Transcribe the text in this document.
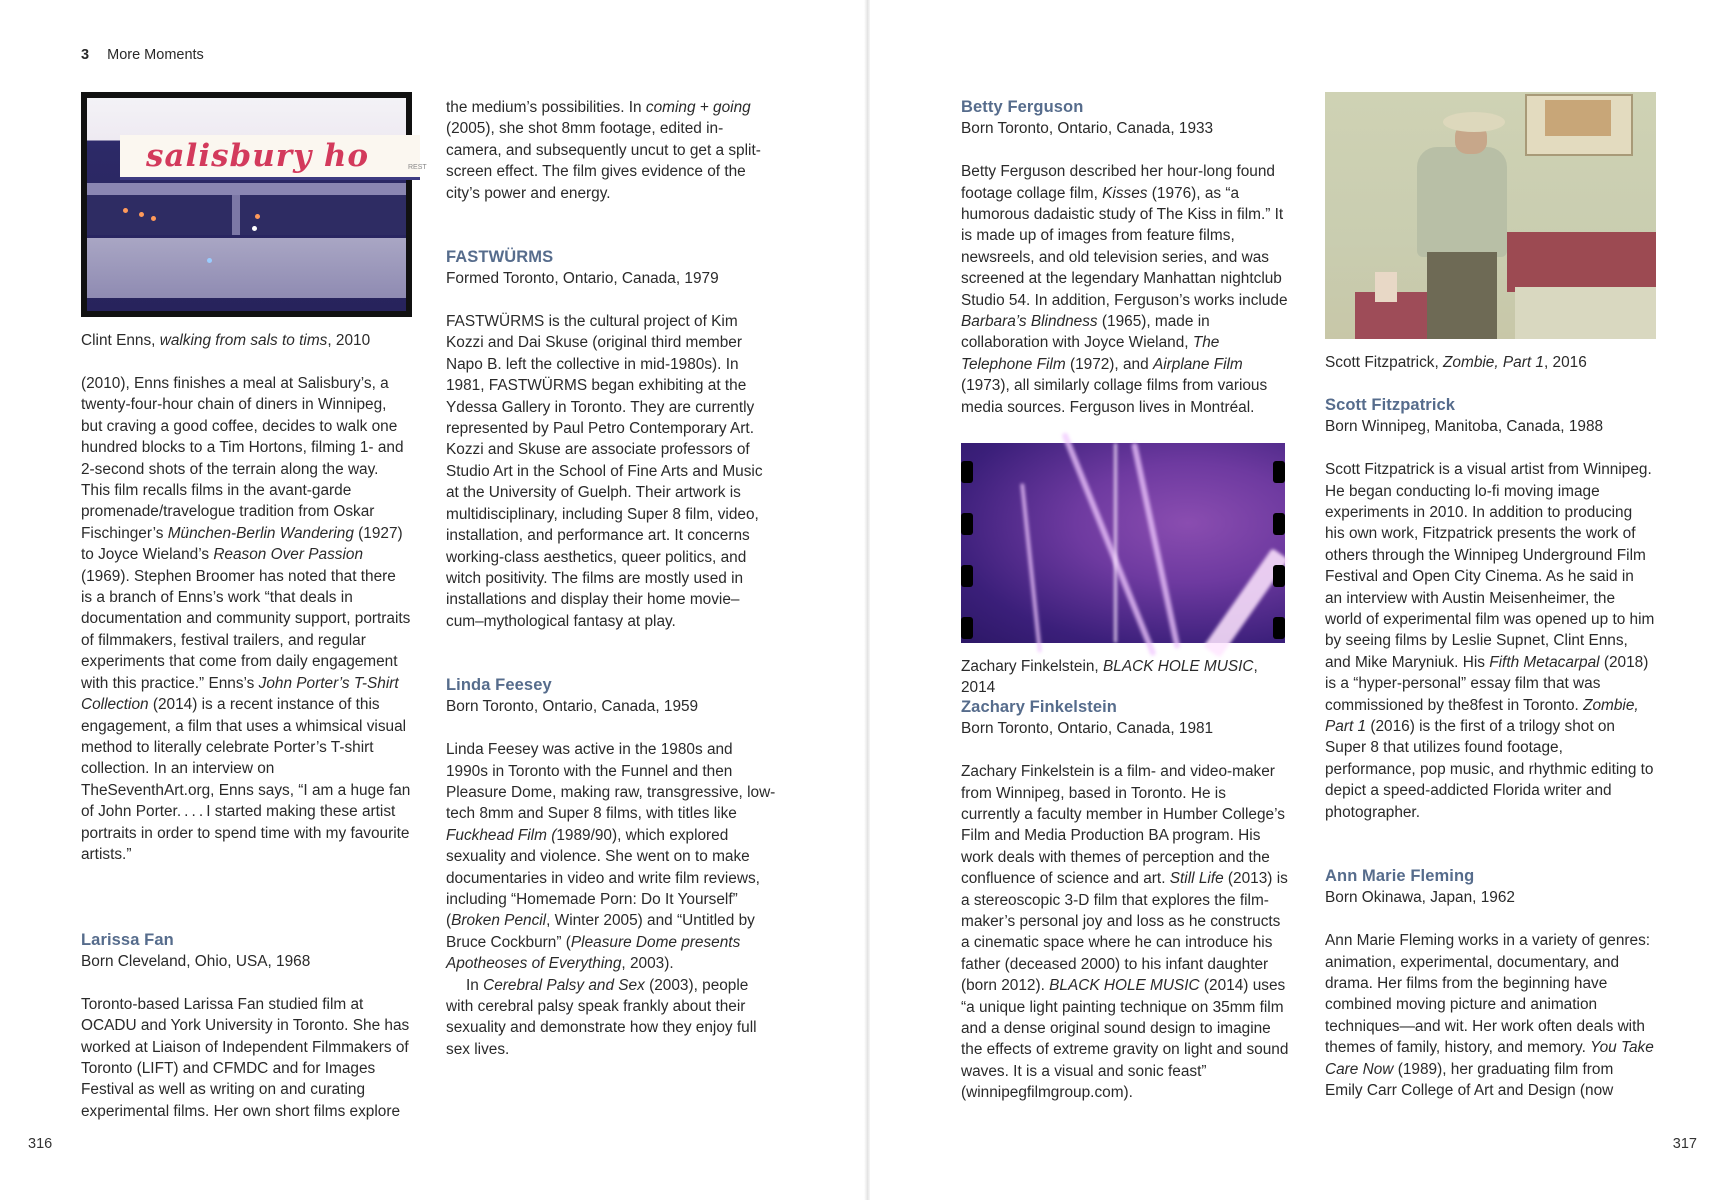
3 More Moments
salisbury ho	REST
Clint Enns, walking from sals to tims, 2010

(2010), Enns finishes a meal at Salisbury’s, a twenty-four-hour chain of diners in Winnipeg, but craving a good coffee, decides to walk one hundred blocks to a Tim Hortons, filming 1- and 2-second shots of the terrain along the way. This film recalls films in the avant-garde promenade/travelogue tradition from Oskar Fischinger’s München-Berlin Wandering (1927) to Joyce Wieland’s Reason Over Passion (1969). Stephen Broomer has noted that there is a branch of Enns’s work “that deals in documentation and community support, portraits of filmmakers, festival trailers, and regular experiments that come from daily engagement with this practice.” Enns’s John Porter’s T-Shirt Collection (2014) is a recent instance of this engagement, a film that uses a whimsical visual method to literally celebrate Porter’s T-shirt collection. In an interview on TheSeventhArt.org, Enns says, “I am a huge fan of John Porter. . . . I started making these artist portraits in order to spend time with my favourite artists.”

Larissa Fan

Born Cleveland, Ohio, USA, 1968

Toronto-based Larissa Fan studied film at OCADU and York University in Toronto. She has worked at Liaison of Independent Filmmakers of Toronto (LIFT) and CFMDC and for Images Festival as well as writing on and curating experimental films. Her own short films explore

the medium’s possibilities. In coming + going (2005), she shot 8mm footage, edited in-camera, and subsequently uncut to get a split-screen effect. The film gives evidence of the city’s power and energy.

FASTWÜRMS

Formed Toronto, Ontario, Canada, 1979

FASTWÜRMS is the cultural project of Kim Kozzi and Dai Skuse (original third member Napo B. left the collective in mid-1980s). In 1981, FASTWÜRMS began exhibiting at the Ydessa Gallery in Toronto. They are currently represented by Paul Petro Contemporary Art. Kozzi and Skuse are associate professors of Studio Art in the School of Fine Arts and Music at the University of Guelph. Their artwork is multidisciplinary, including Super 8 film, video, installation, and performance art. It concerns working-class aesthetics, queer politics, and witch positivity. The films are mostly used in installations and display their home movie–cum–mythological fantasy at play.

Linda Feesey

Born Toronto, Ontario, Canada, 1959

Linda Feesey was active in the 1980s and 1990s in Toronto with the Funnel and then Pleasure Dome, making raw, transgressive, low-tech 8mm and Super 8 films, with titles like Fuckhead Film (1989/90), which explored sexuality and violence. She went on to make documentaries in video and write film reviews, including “Homemade Porn: Do It Yourself” (Broken Pencil, Winter 2005) and “Untitled by Bruce Cockburn” (Pleasure Dome presents Apotheoses of Everything, 2003).

In Cerebral Palsy and Sex (2003), people with cerebral palsy speak frankly about their sexuality and demonstrate how they enjoy full sex lives.

Betty Ferguson

Born Toronto, Ontario, Canada, 1933

Betty Ferguson described her hour-long found footage collage film, Kisses (1976), as “a humorous dadaistic study of The Kiss in film.” It is made up of images from feature films, newsreels, and old television series, and was screened at the legendary Manhattan nightclub Studio 54. In addition, Ferguson’s works include Barbara’s Blindness (1965), made in collaboration with Joyce Wieland, The Telephone Film (1972), and Airplane Film (1973), all similarly collage films from various media sources. Ferguson lives in Montréal.

Zachary Finkelstein, BLACK HOLE MUSIC, 2014

Zachary Finkelstein

Born Toronto, Ontario, Canada, 1981

Zachary Finkelstein is a film- and video-maker from Winnipeg, based in Toronto. He is currently a faculty member in Humber College’s Film and Media Production BA program. His work deals with themes of perception and the confluence of science and art. Still Life (2013) is a stereoscopic 3-D film that explores the film-maker’s personal joy and loss as he constructs a cinematic space where he can introduce his father (deceased 2000) to his infant daughter (born 2012). BLACK HOLE MUSIC (2014) uses “a unique light painting technique on 35mm film and a dense original sound design to imagine the effects of extreme gravity on light and sound waves. It is a visual and sonic feast” (winnipegfilmgroup.com).

Scott Fitzpatrick, Zombie, Part 1, 2016

Scott Fitzpatrick

Born Winnipeg, Manitoba, Canada, 1988

Scott Fitzpatrick is a visual artist from Winnipeg. He began conducting lo-fi moving image experiments in 2010. In addition to producing his own work, Fitzpatrick presents the work of others through the Winnipeg Underground Film Festival and Open City Cinema. As he said in an interview with Austin Meisenheimer, the world of experimental film was opened up to him by seeing films by Leslie Supnet, Clint Enns, and Mike Maryniuk. His Fifth Metacarpal (2018) is a “hyper-personal” essay film that was commissioned by the8fest in Toronto. Zombie, Part 1 (2016) is the first of a trilogy shot on Super 8 that utilizes found footage, performance, pop music, and rhythmic editing to depict a speed-addicted Florida writer and photographer.

Ann Marie Fleming

Born Okinawa, Japan, 1962

Ann Marie Fleming works in a variety of genres: animation, experimental, documentary, and drama. Her films from the beginning have combined moving picture and animation techniques—and wit. Her work often deals with themes of family, history, and memory. You Take Care Now (1989), her graduating film from Emily Carr College of Art and Design (now

316	317
